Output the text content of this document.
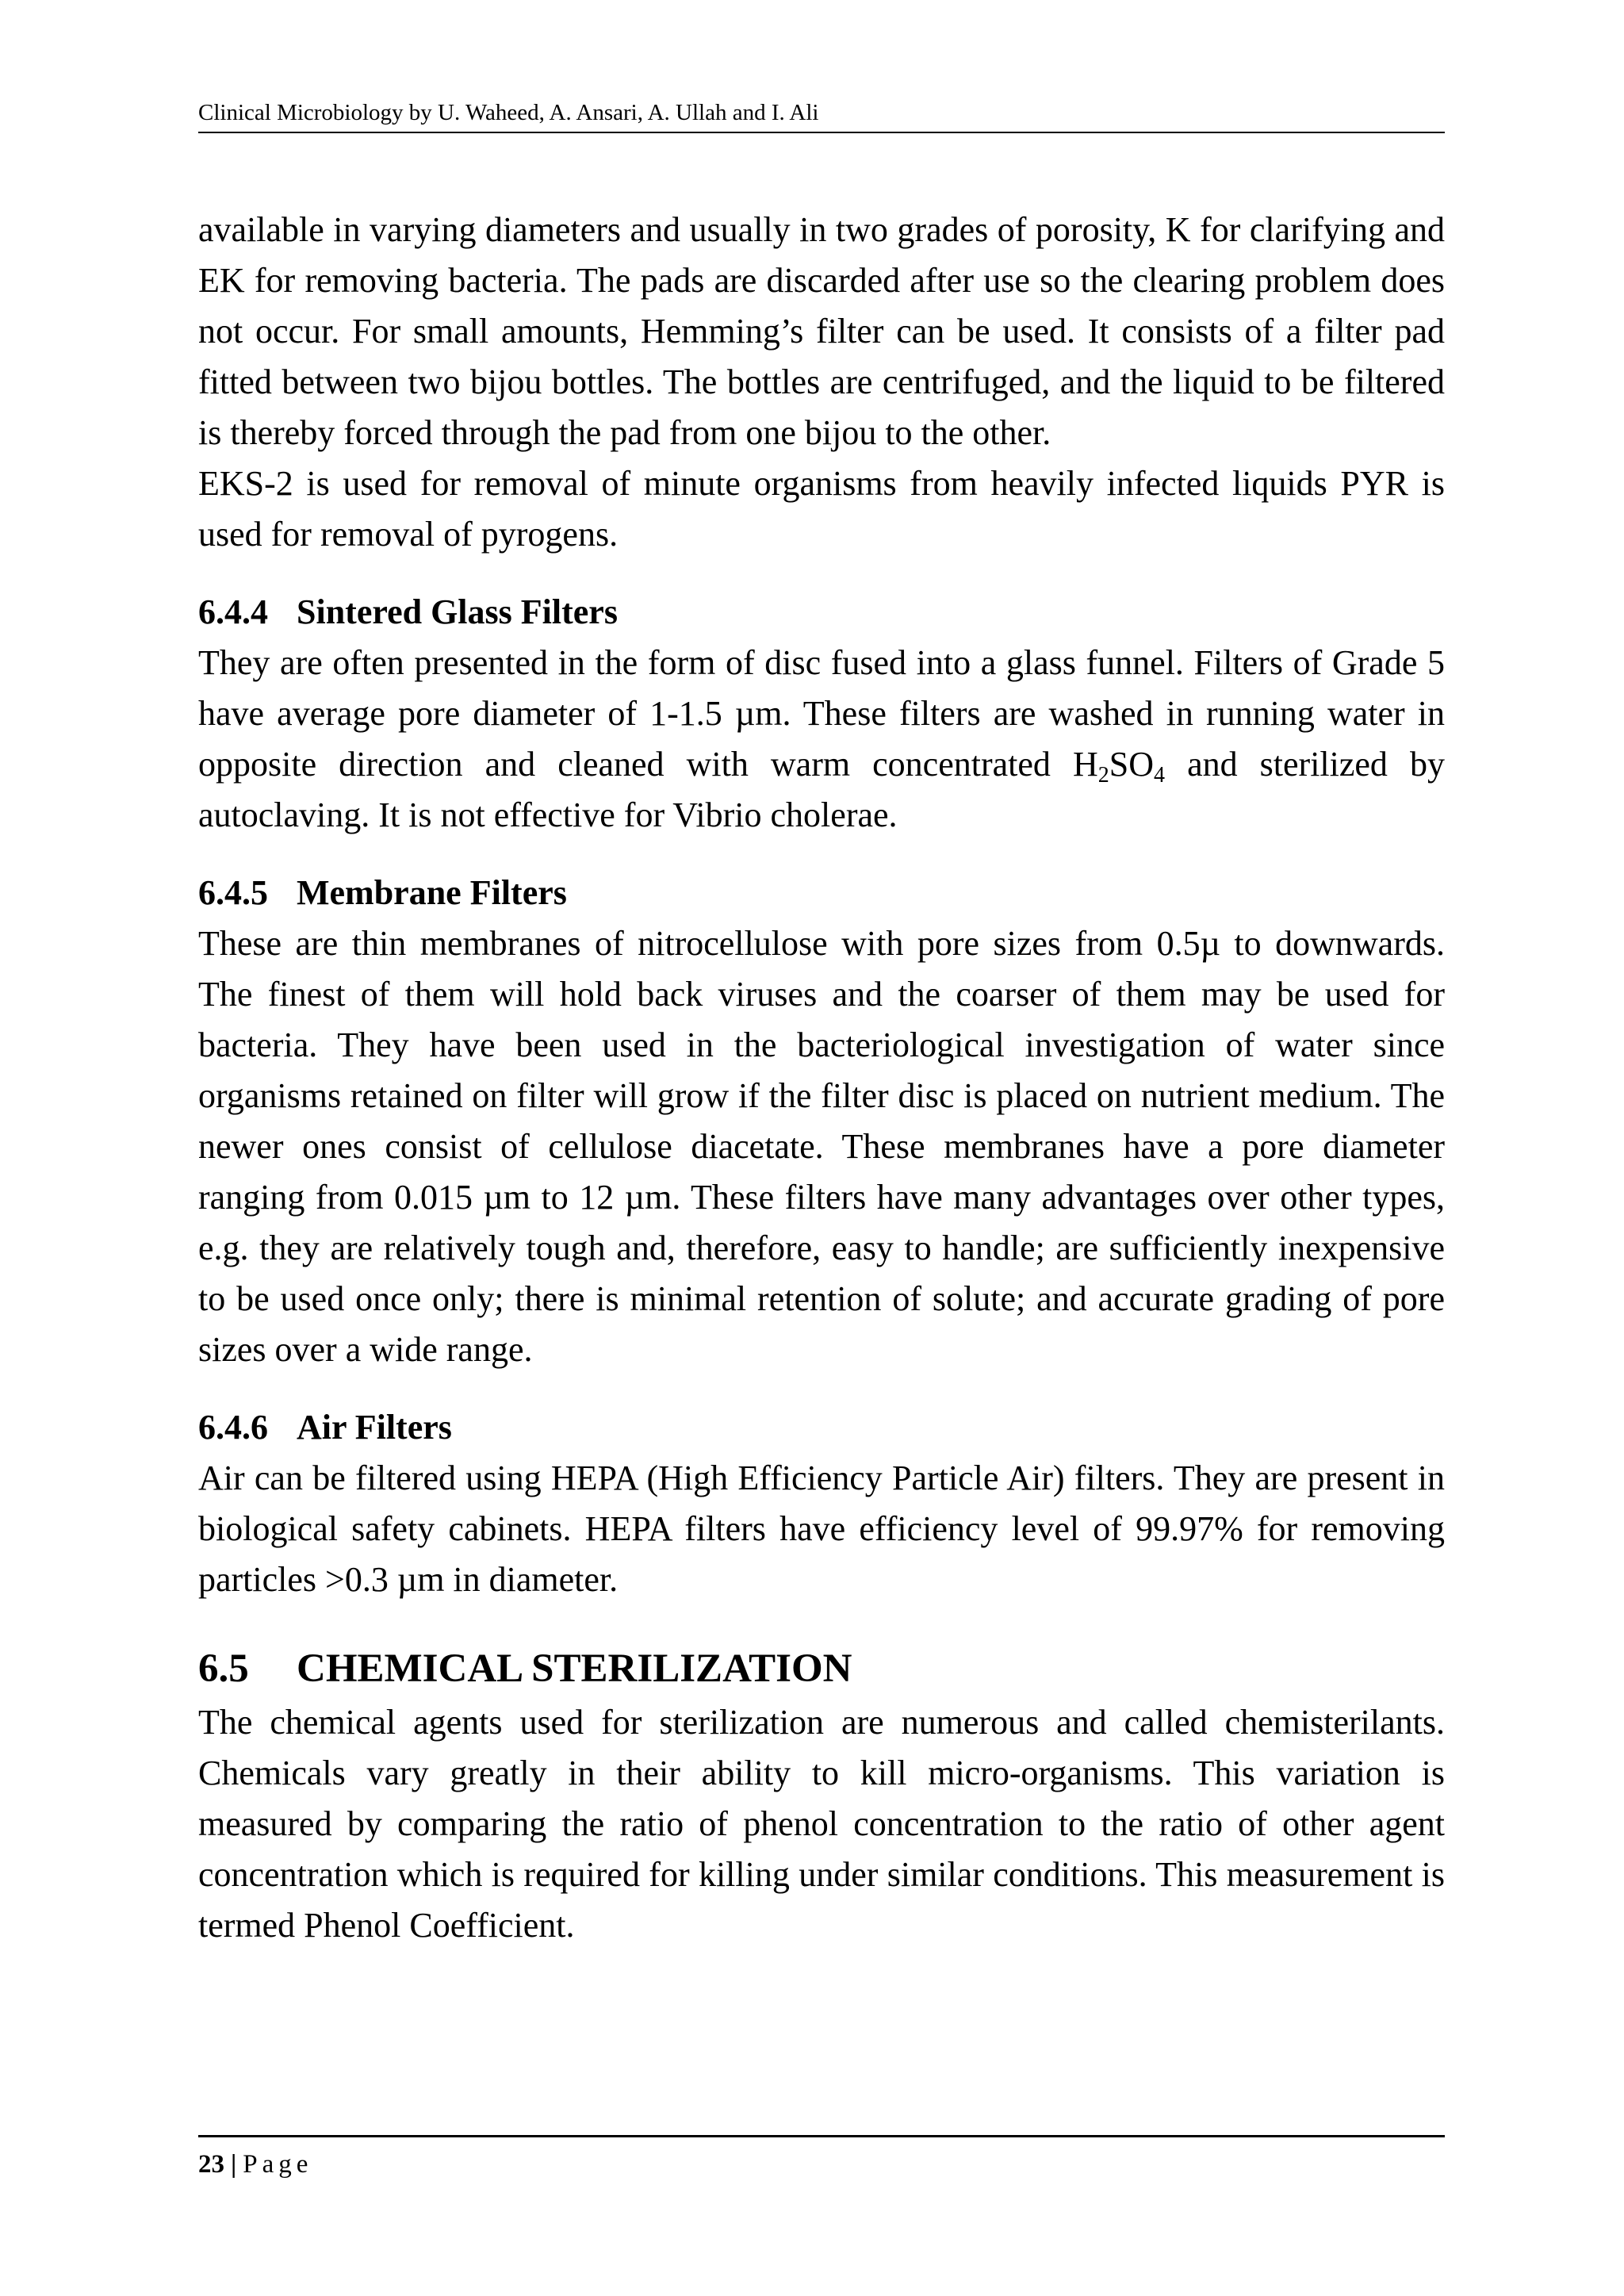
Clinical Microbiology by U. Waheed, A. Ansari, A. Ullah and I. Ali

available in varying diameters and usually in two grades of porosity, K for clarifying and EK for removing bacteria. The pads are discarded after use so the clearing problem does not occur. For small amounts, Hemming’s filter can be used. It consists of a filter pad fitted between two bijou bottles. The bottles are centrifuged, and the liquid to be filtered is thereby forced through the pad from one bijou to the other.

EKS-2 is used for removal of minute organisms from heavily infected liquids PYR is used for removal of pyrogens.

6.4.4 Sintered Glass Filters

They are often presented in the form of disc fused into a glass funnel. Filters of Grade 5 have average pore diameter of 1-1.5 µm. These filters are washed in running water in opposite direction and cleaned with warm concentrated $H_2SO_4$ and sterilized by autoclaving. It is not effective for Vibrio cholerae.

6.4.5 Membrane Filters

These are thin membranes of nitrocellulose with pore sizes from 0.5µ to downwards. The finest of them will hold back viruses and the coarser of them may be used for bacteria. They have been used in the bacteriological investigation of water since organisms retained on filter will grow if the filter disc is placed on nutrient medium. The newer ones consist of cellulose diacetate. These membranes have a pore diameter ranging from 0.015 µm to 12 µm. These filters have many advantages over other types, e.g. they are relatively tough and, therefore, easy to handle; are sufficiently inexpensive to be used once only; there is minimal retention of solute; and accurate grading of pore sizes over a wide range.

6.4.6 Air Filters

Air can be filtered using HEPA (High Efficiency Particle Air) filters. They are present in biological safety cabinets. HEPA filters have efficiency level of 99.97% for removing particles >0.3 µm in diameter.

6.5 CHEMICAL STERILIZATION

The chemical agents used for sterilization are numerous and called chemisterilants. Chemicals vary greatly in their ability to kill micro-organisms. This variation is measured by comparing the ratio of phenol concentration to the ratio of other agent concentration which is required for killing under similar conditions. This measurement is termed Phenol Coefficient.

23 | Page
